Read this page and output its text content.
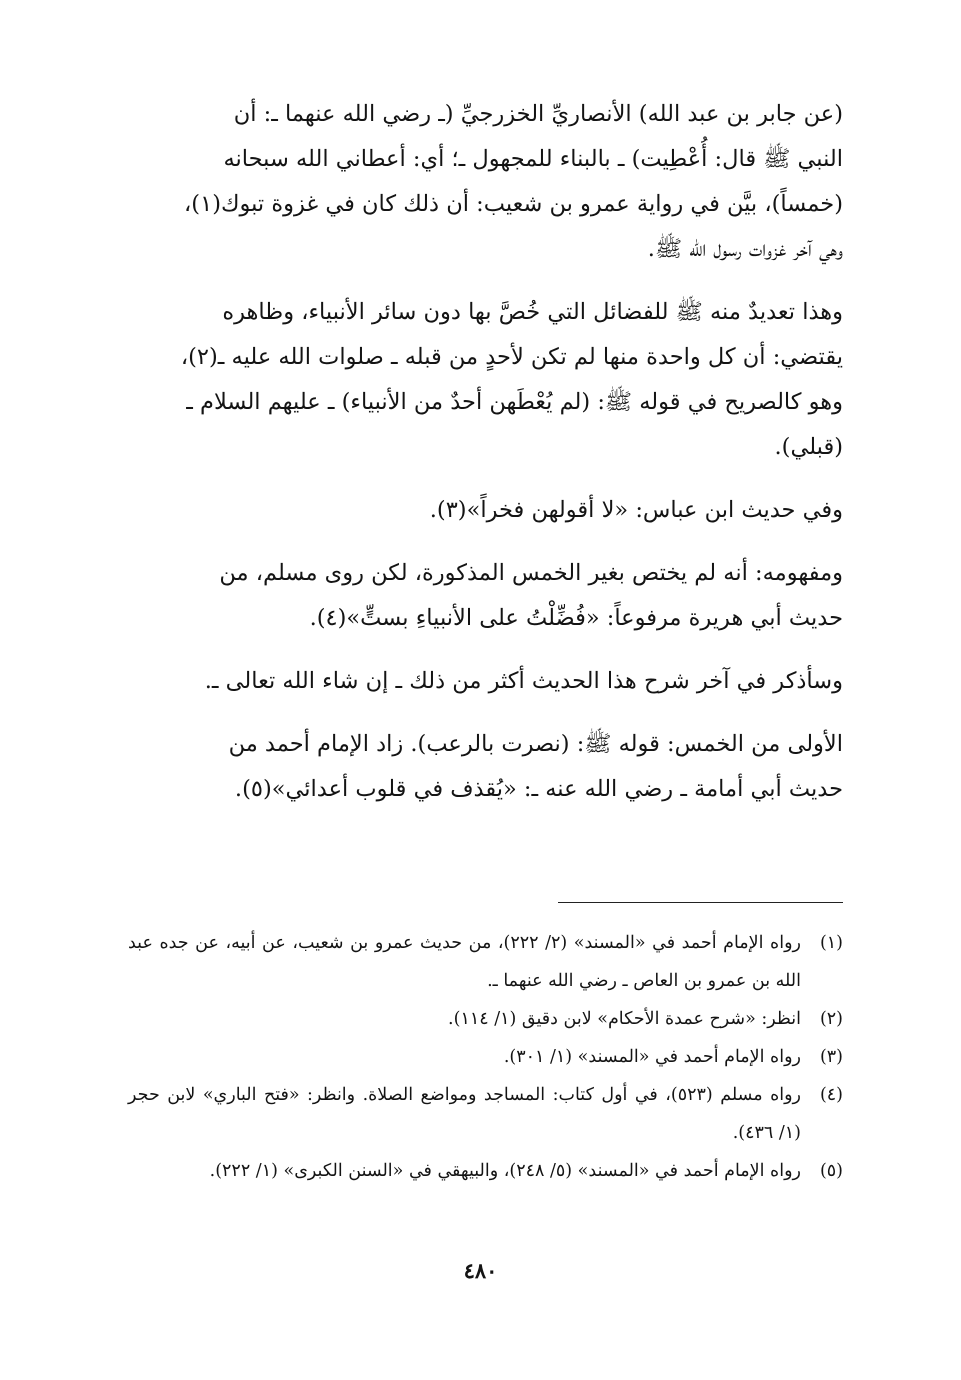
(عن جابر بن عبد الله) الأنصاريِّ الخزرجيِّ (ـ رضي الله عنهما ـ: أن
النبي ﷺ قال: أُعْطِيت) ـ بالبناء للمجهول ـ؛ أي: أعطاني الله سبحانه
(خمساً)، بيَّن في رواية عمرو بن شعيب: أن ذلك كان في غزوة تبوك(١)،
وهي آخر غزوات رسول الله ﷺ.

وهذا تعديدٌ منه ﷺ للفضائل التي خُصَّ بها دون سائر الأنبياء، وظاهره
يقتضي: أن كل واحدة منها لم تكن لأحدٍ من قبله ـ صلوات الله عليه ـ(٢)،
وهو كالصريح في قوله ﷺ: (لم يُعْطَهن أحدٌ من الأنبياء) ـ عليهم السلام ـ
(قبلي).

وفي حديث ابن عباس: «لا أقولهن فخراً»(٣).

ومفهومه: أنه لم يختص بغير الخمس المذكورة، لكن روى مسلم، من
حديث أبي هريرة مرفوعاً: «فُضِّلْتُ على الأنبياءِ بستٍّ»(٤).

وسأذكر في آخر شرح هذا الحديث أكثر من ذلك ـ إن شاء الله تعالى ـ.

الأولى من الخمس: قوله ﷺ: (نصرت بالرعب). زاد الإمام أحمد من
حديث أبي أمامة ـ رضي الله عنه ـ: «يُقذف في قلوب أعدائي»(٥).

(١)
رواه الإمام أحمد في «المسند» (٢/ ٢٢٢)، من حديث عمرو بن شعيب، عن أبيه، عن جده عبد الله بن عمرو بن العاص ـ رضي الله عنهما ـ.
(٢)
انظر: «شرح عمدة الأحكام» لابن دقيق (١/ ١١٤).
(٣)
رواه الإمام أحمد في «المسند» (١/ ٣٠١).
(٤)
رواه مسلم (٥٢٣)، في أول كتاب: المساجد ومواضع الصلاة. وانظر: «فتح الباري» لابن حجر (١/ ٤٣٦).
(٥)
رواه الإمام أحمد في «المسند» (٥/ ٢٤٨)، والبيهقي في «السنن الكبرى» (١/ ٢٢٢).
٤٨٠
